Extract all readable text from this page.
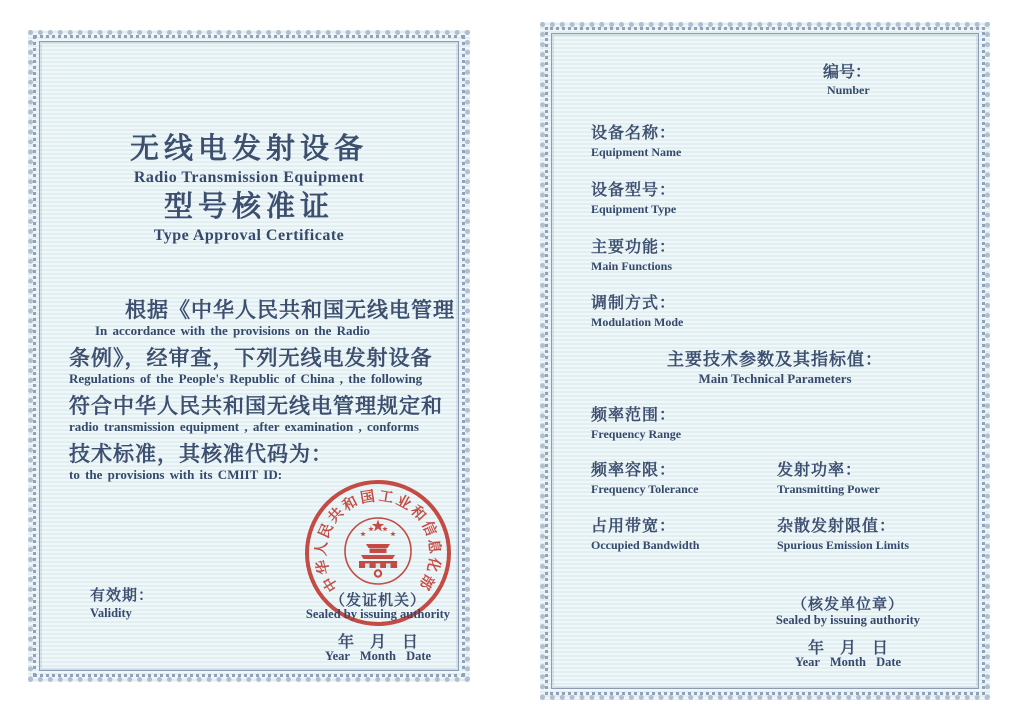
无线电发射设备
Radio Transmission Equipment
型号核准证
Type Approval Certificate
根据《中华人民共和国无线电管理
In accordance with the provisions on the Radio
条例》，经审查，下列无线电发射设备
Regulations of the People's Republic of China , the following
符合中华人民共和国无线电管理规定和
radio transmission equipment , after examination , conforms
技术标准，其核准代码为：
to the provisions with its CMIIT ID:
有效期：
Validity
中华人民共和国工业和信息化部
（发证机关）
Sealed by issuing authority
年　月　日
Year Month Date
编号：
Number
设备名称：
Equipment Name
设备型号：
Equipment Type
主要功能：
Main Functions
调制方式：
Modulation Mode
主要技术参数及其指标值：
Main Technical Parameters
频率范围：
Frequency Range
频率容限：
Frequency Tolerance
发射功率：
Transmitting Power
占用带宽：
Occupied Bandwidth
杂散发射限值：
Spurious Emission Limits
（核发单位章）
Sealed by issuing authority
年　月　日
Year Month Date
